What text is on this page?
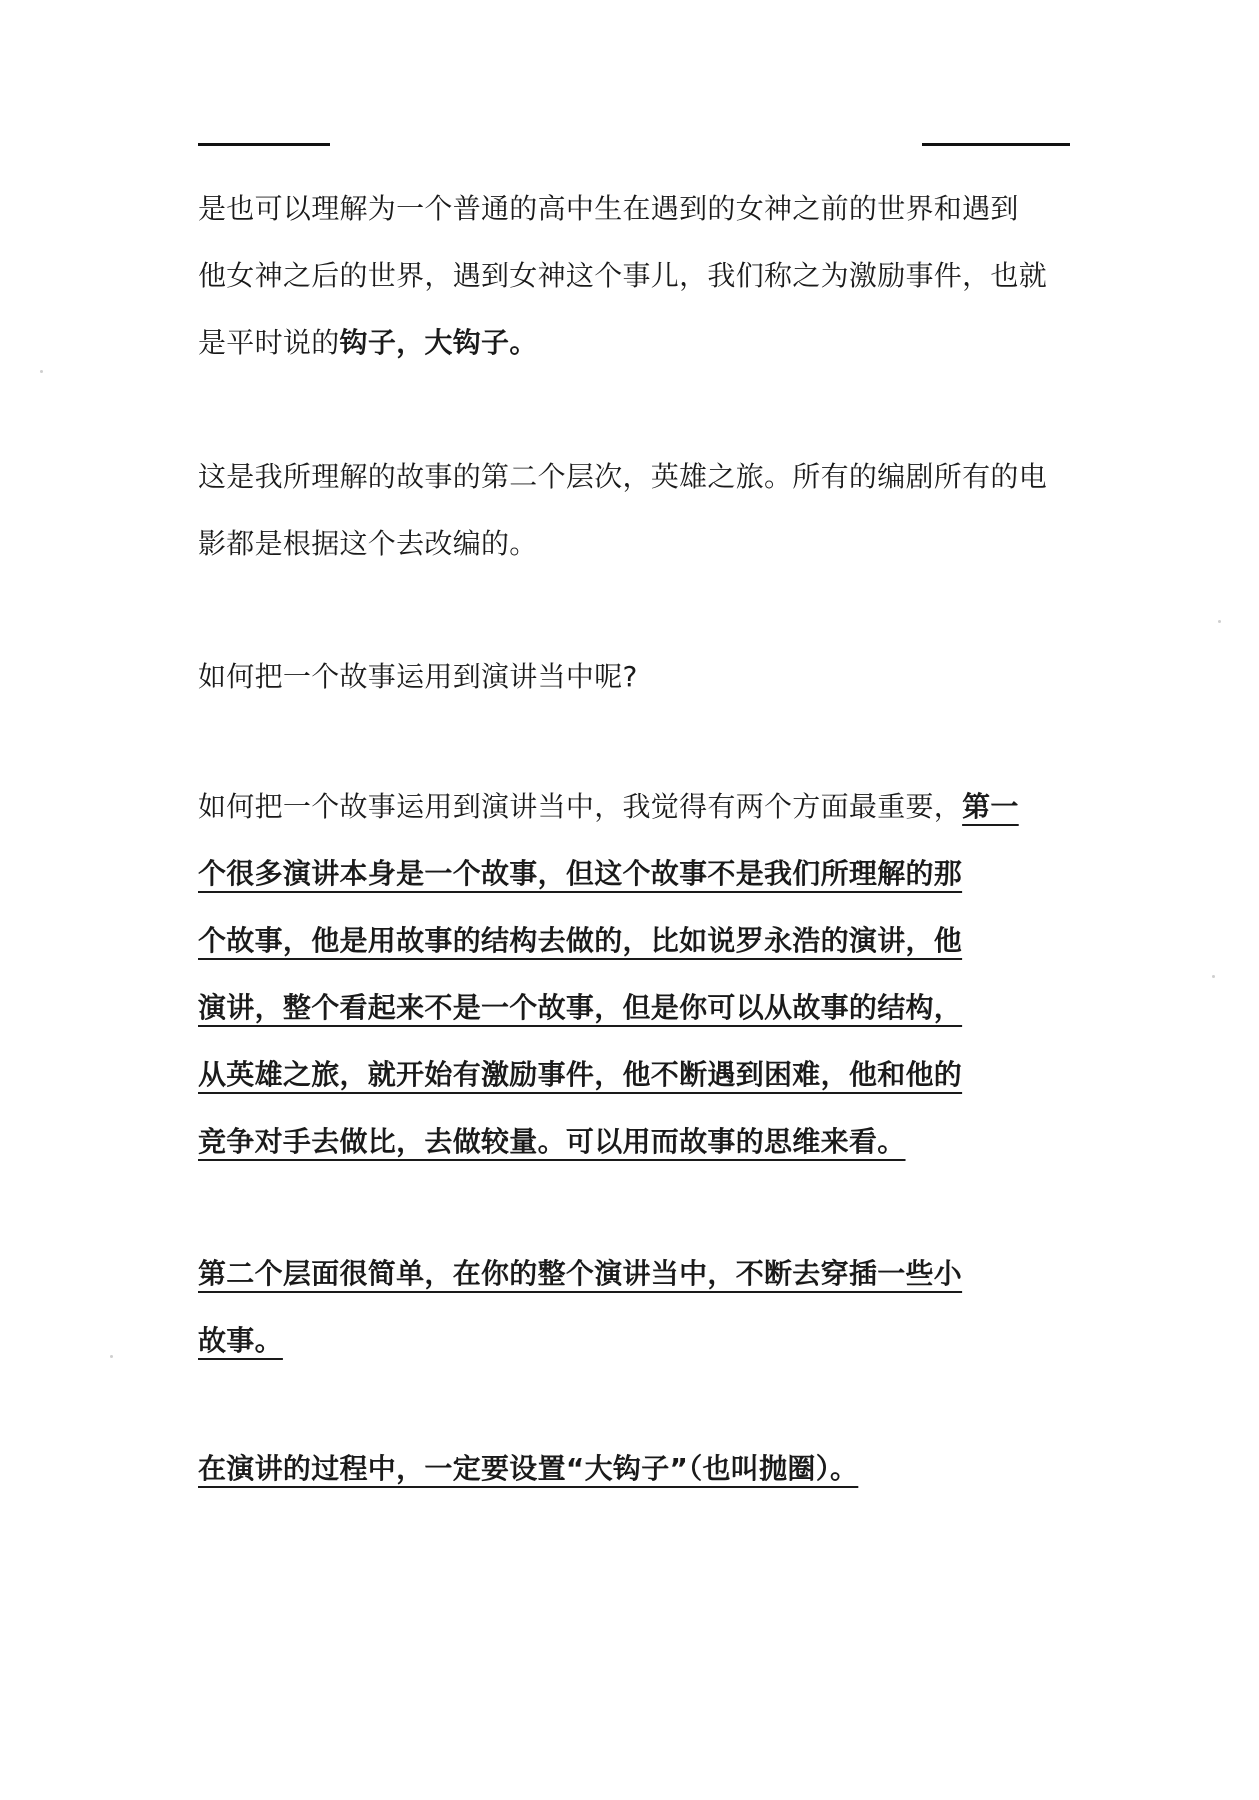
是也可以理解为一个普通的高中生在遇到的女神之前的世界和遇到
他女神之后的世界，遇到女神这个事儿，我们称之为激励事件，也就
是平时说的钩子，大钩子。
这是我所理解的故事的第二个层次，英雄之旅。所有的编剧所有的电
影都是根据这个去改编的。
如何把一个故事运用到演讲当中呢?
如何把一个故事运用到演讲当中，我觉得有两个方面最重要，第一
个很多演讲本身是一个故事，但这个故事不是我们所理解的那
个故事，他是用故事的结构去做的，比如说罗永浩的演讲，他
演讲，整个看起来不是一个故事，但是你可以从故事的结构，
从英雄之旅，就开始有激励事件，他不断遇到困难，他和他的
竞争对手去做比，去做较量。可以用而故事的思维来看。
第二个层面很简单，在你的整个演讲当中，不断去穿插一些小
故事。
在演讲的过程中，一定要设置“大钩子”（也叫抛圈）。
